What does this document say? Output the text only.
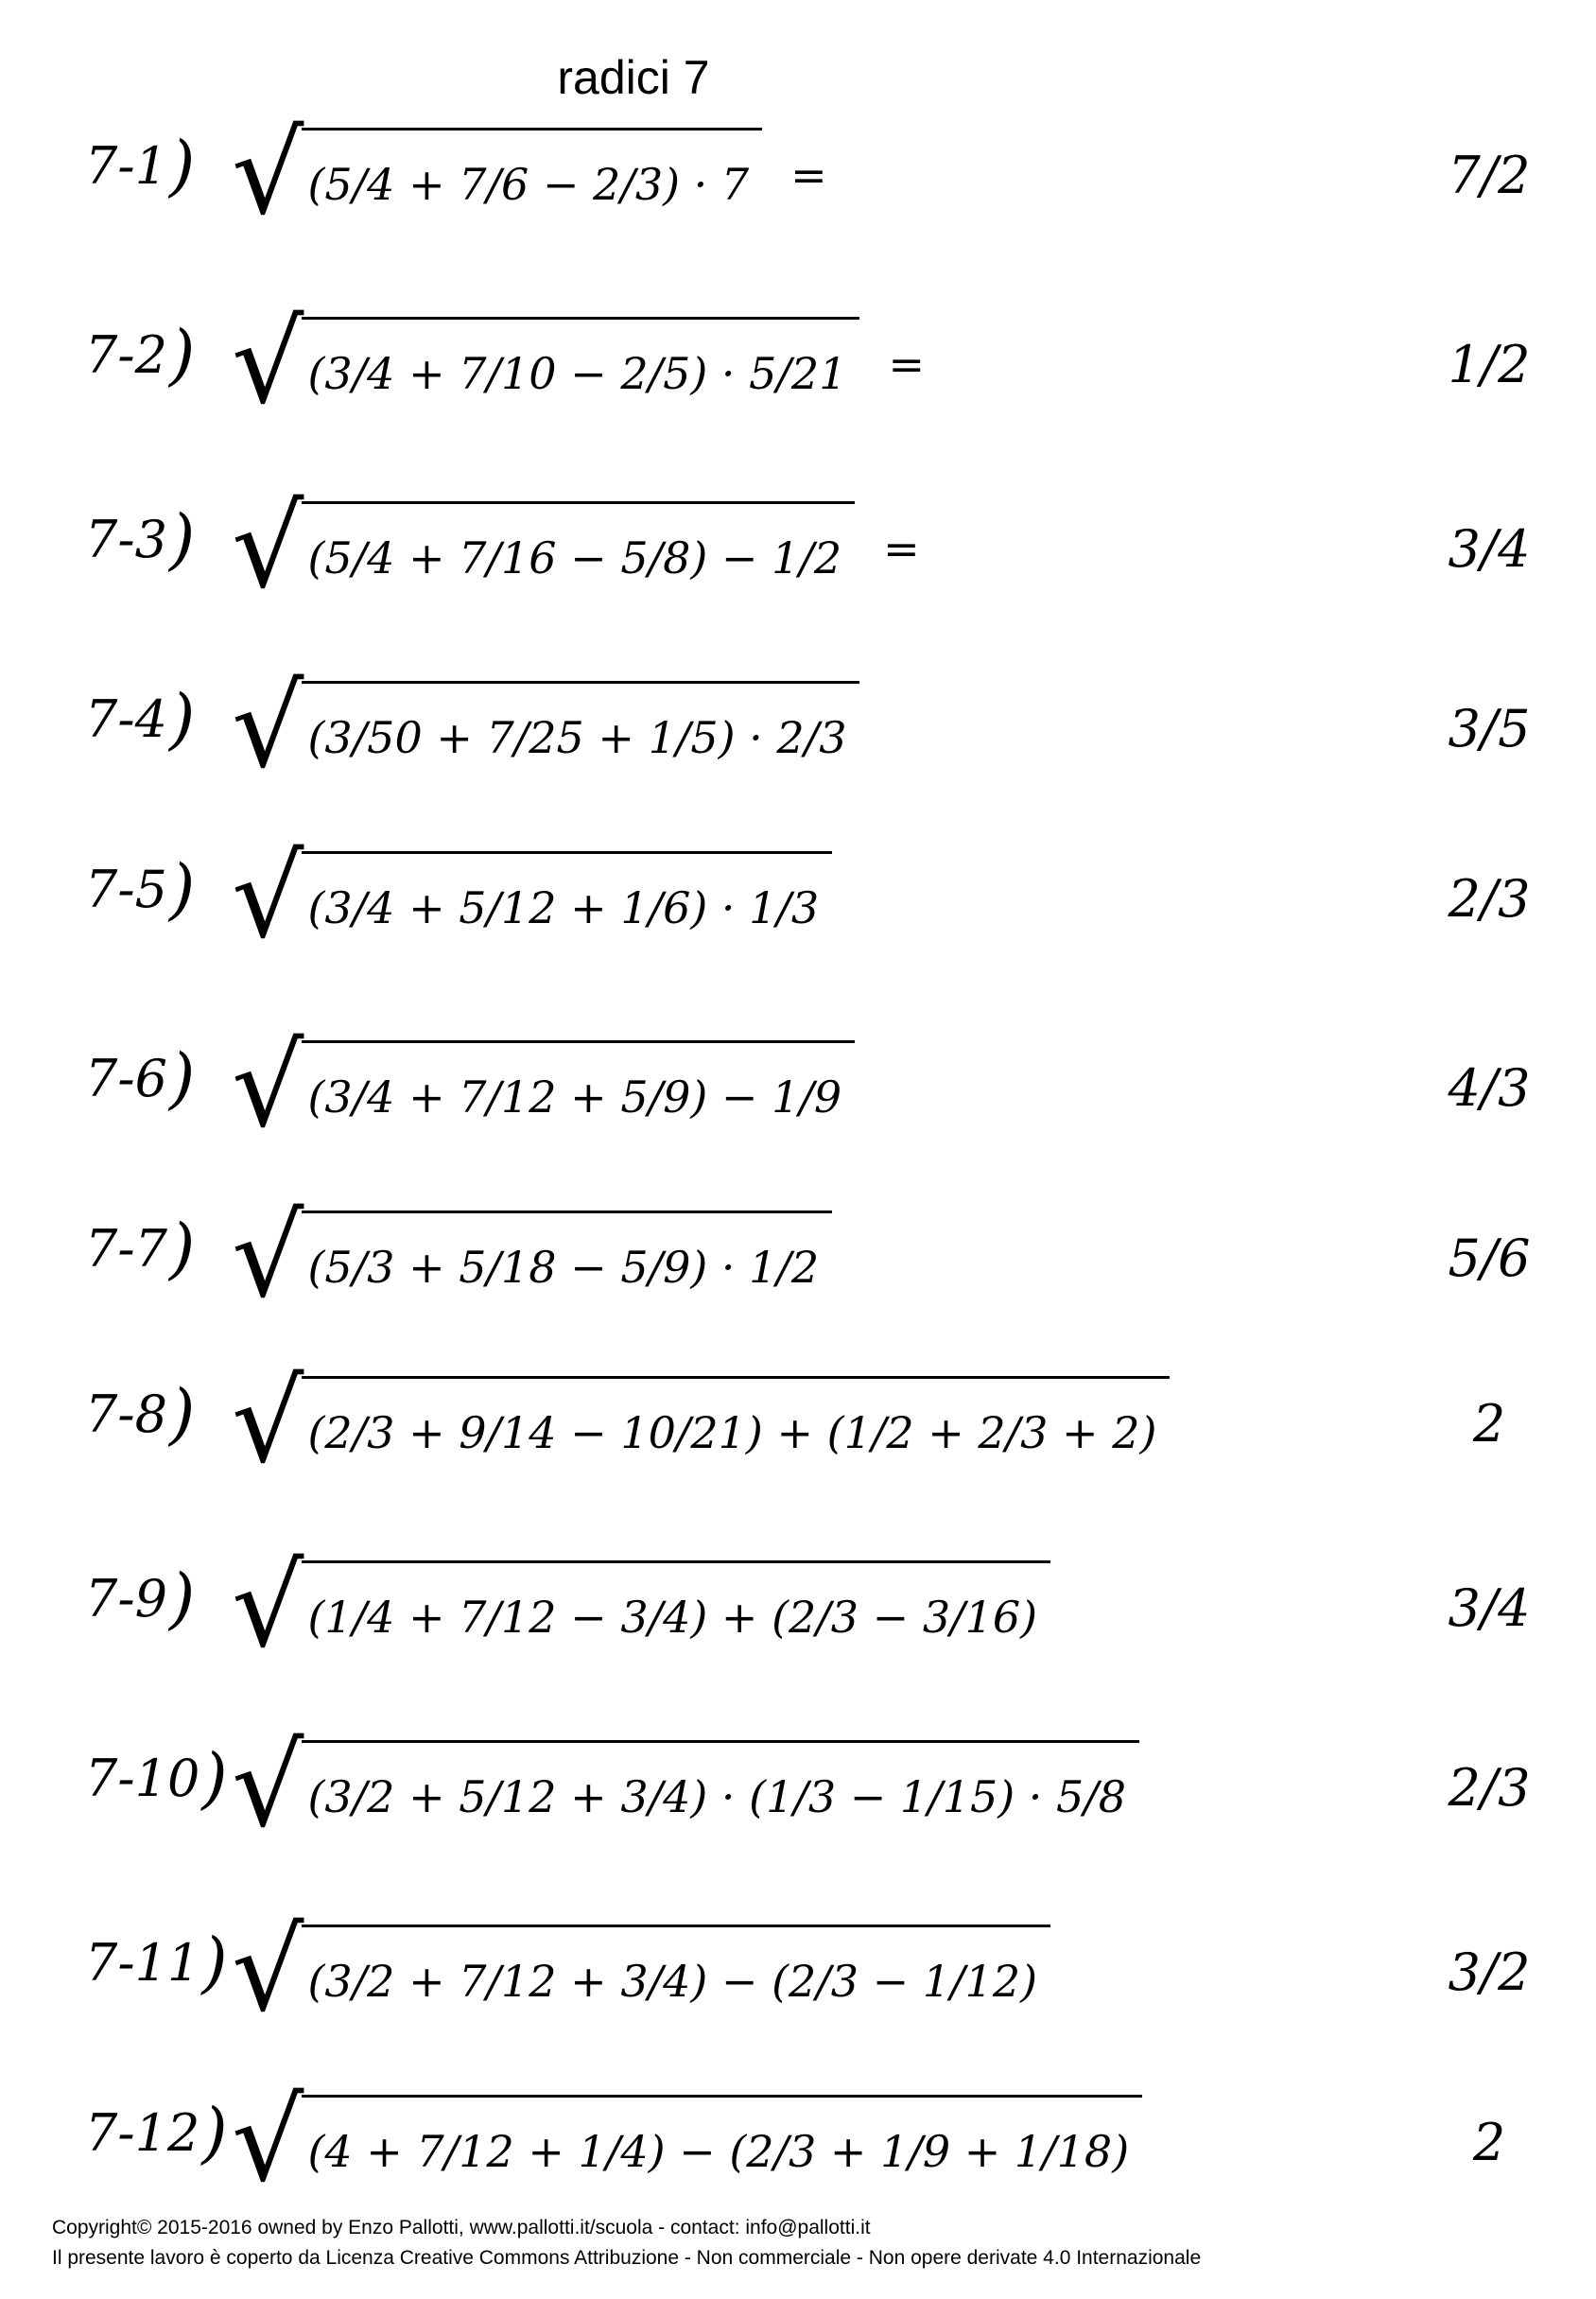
radici 7
7-1 ) √ (5/4 + 7/6 − 2/3) · 7 =	7/2
7-2 ) √ (3/4 + 7/10 − 2/5) · 5/21 =	1/2
7-3 ) √ (5/4 + 7/16 − 5/8) − 1/2 =	3/4
7-4 ) √ (3/50 + 7/25 + 1/5) · 2/3	3/5
7-5 ) √ (3/4 + 5/12 + 1/6) · 1/3	2/3
7-6 ) √ (3/4 + 7/12 + 5/9) − 1/9	4/3
7-7 ) √ (5/3 + 5/18 − 5/9) · 1/2	5/6
7-8 ) √ (2/3 + 9/14 − 10/21) + (1/2 + 2/3 + 2)	2
7-9 ) √ (1/4 + 7/12 − 3/4) + (2/3 − 3/16)	3/4
7-10 ) √ (3/2 + 5/12 + 3/4) · (1/3 − 1/15) · 5/8	2/3
7-11 ) √ (3/2 + 7/12 + 3/4) − (2/3 − 1/12)	3/2
7-12 ) √ (4 + 7/12 + 1/4) − (2/3 + 1/9 + 1/18)	2
Copyright© 2015-2016 owned by Enzo Pallotti, www.pallotti.it/scuola - contact: info@pallotti.it
Il presente lavoro è coperto da Licenza Creative Commons Attribuzione - Non commerciale - Non opere derivate 4.0 Internazionale
